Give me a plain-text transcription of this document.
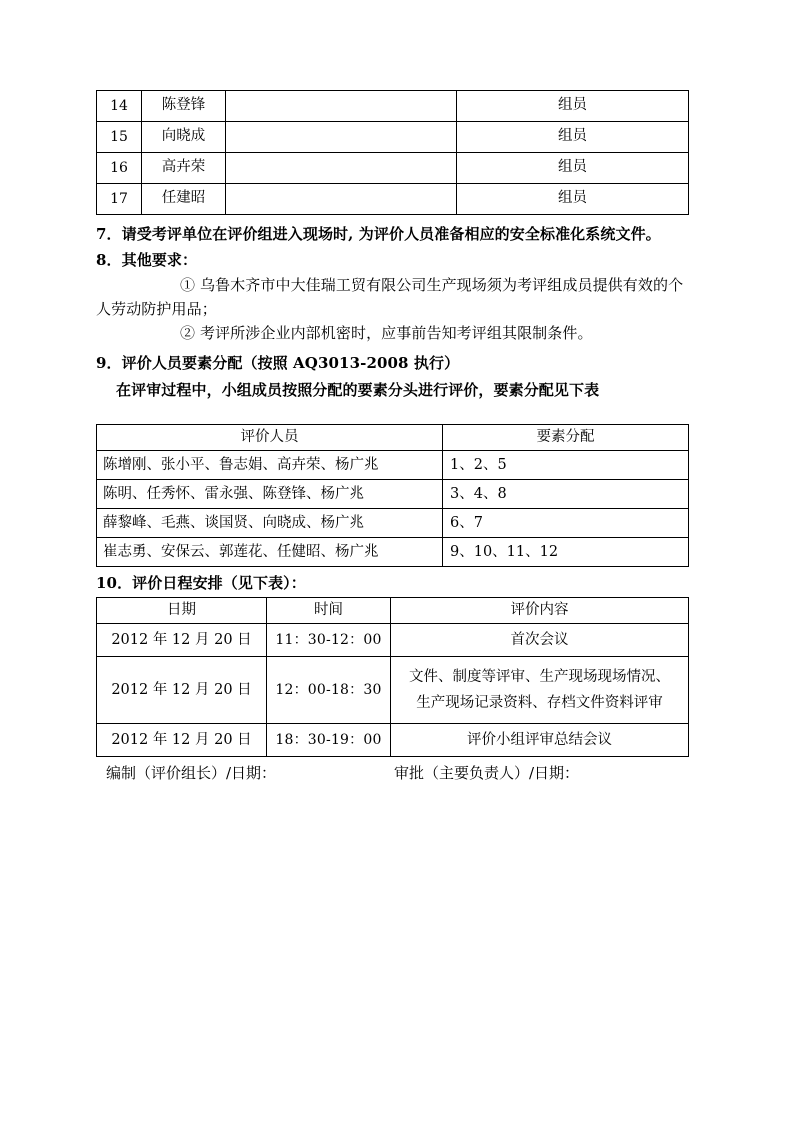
14	陈登锋		组员
15	向晓成		组员
16	高卉荣		组员
17	任建昭		组员

7．请受考评单位在评价组进入现场时, 为评价人员准备相应的安全标准化系统文件。

8．其他要求：

① 乌鲁木齐市中大佳瑞工贸有限公司生产现场须为考评组成员提供有效的个人劳动防护用品；

② 考评所涉企业内部机密时，应事前告知考评组其限制条件。

9．评价人员要素分配（按照 AQ3013-2008 执行）

在评审过程中，小组成员按照分配的要素分头进行评价，要素分配见下表

评价人员	要素分配
陈增刚、张小平、鲁志娟、高卉荣、杨广兆	1、2、5
陈明、任秀怀、雷永强、陈登锋、杨广兆	3、4、8
薛黎峰、毛燕、谈国贤、向晓成、杨广兆	6、7
崔志勇、安保云、郭莲花、任健昭、杨广兆	9、10、11、12

10．评价日程安排（见下表）：

日期	时间	评价内容
2012 年 12 月 20 日	11：30-12：00	首次会议
2012 年 12 月 20 日	12：00-18：30	文件、制度等评审、生产现场现场情况、
生产现场记录资料、存档文件资料评审

2012 年 12 月 20 日	18：30-19：00	评价小组评审总结会议
编制（评价组长）/日期：	审批（主要负责人）/日期：
